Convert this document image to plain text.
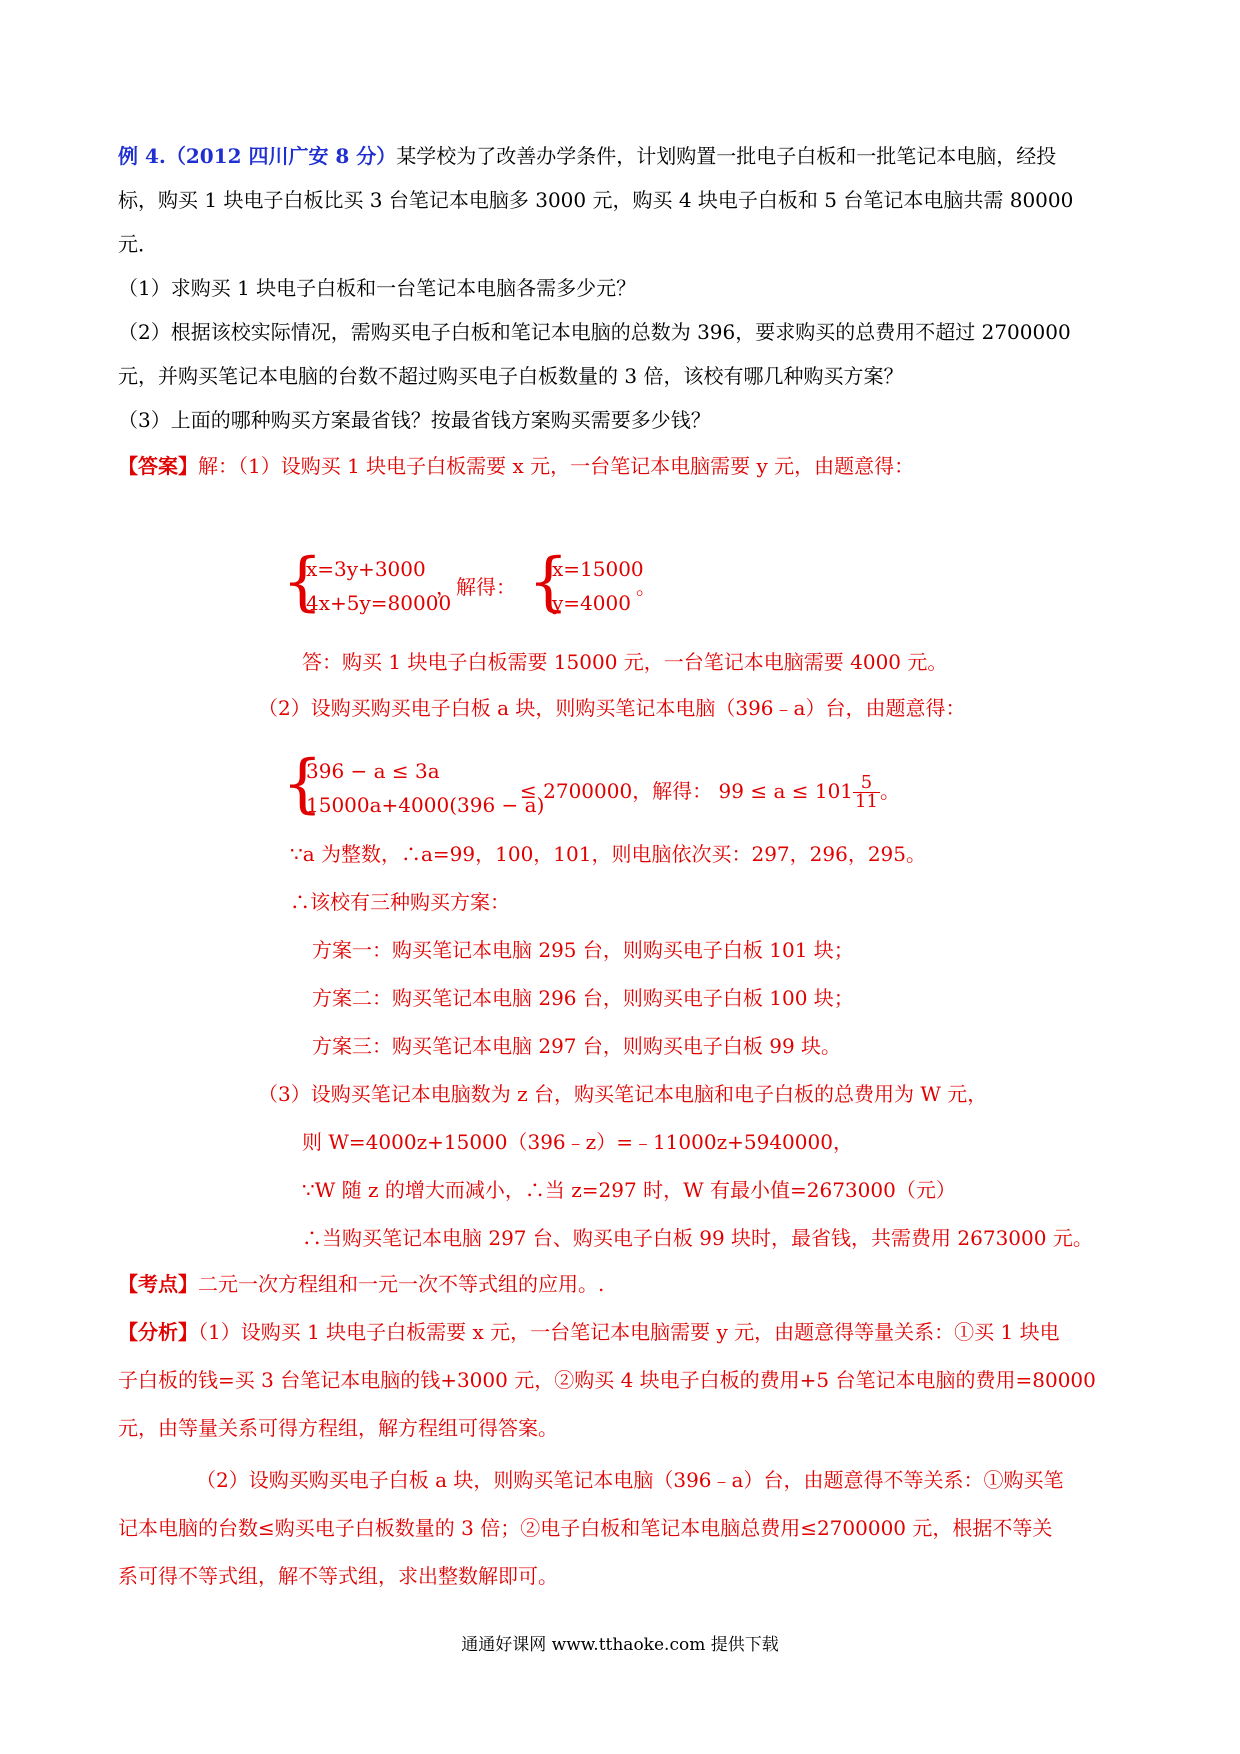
例 4.（2012 四川广安 8 分）某学校为了改善办学条件，计划购置一批电子白板和一批笔记本电脑，经投
标，购买 1 块电子白板比买 3 台笔记本电脑多 3000 元，购买 4 块电子白板和 5 台笔记本电脑共需 80000
元．
（1）求购买 1 块电子白板和一台笔记本电脑各需多少元？
（2）根据该校实际情况，需购买电子白板和笔记本电脑的总数为 396，要求购买的总费用不超过 2700000
元，并购买笔记本电脑的台数不超过购买电子白板数量的 3 倍，该校有哪几种购买方案？
（3）上面的哪种购买方案最省钱？按最省钱方案购买需要多少钱？
【答案】解：（1）设购买 1 块电子白板需要 x 元，一台笔记本电脑需要 y 元，由题意得：
{
x=3y+3000
4x+5y=80000
，解得： {
x=15000
y=4000
。
答：购买 1 块电子白板需要 15000 元，一台笔记本电脑需要 4000 元。
（2）设购买购买电子白板 a 块，则购买笔记本电脑（396﹣a）台，由题意得：
{
396 − a ≤ 3a
15000a+4000(396 − a)
≤ 2700000，解得： $99 \le a \le 101 \frac{5}{11}$ 。
∵a 为整数，∴a=99，100，101，则电脑依次买：297，296，295。
∴该校有三种购买方案：
方案一：购买笔记本电脑 295 台，则购买电子白板 101 块；
方案二：购买笔记本电脑 296 台，则购买电子白板 100 块；
方案三：购买笔记本电脑 297 台，则购买电子白板 99 块。
（3）设购买笔记本电脑数为 z 台，购买笔记本电脑和电子白板的总费用为 W 元，
则 W=4000z+15000（396﹣z）=﹣11000z+5940000，
∵W 随 z 的增大而减小，∴当 z=297 时，W 有最小值=2673000（元）
∴当购买笔记本电脑 297 台、购买电子白板 99 块时，最省钱，共需费用 2673000 元。
【考点】二元一次方程组和一元一次不等式组的应用。.
【分析】（1）设购买 1 块电子白板需要 x 元，一台笔记本电脑需要 y 元，由题意得等量关系：①买 1 块电
子白板的钱=买 3 台笔记本电脑的钱+3000 元，②购买 4 块电子白板的费用+5 台笔记本电脑的费用=80000
元，由等量关系可得方程组，解方程组可得答案。
（2）设购买购买电子白板 a 块，则购买笔记本电脑（396﹣a）台，由题意得不等关系：①购买笔
记本电脑的台数≤购买电子白板数量的 3 倍；②电子白板和笔记本电脑总费用≤2700000 元，根据不等关
系可得不等式组，解不等式组，求出整数解即可。
通通好课网 www.tthaoke.com 提供下载
